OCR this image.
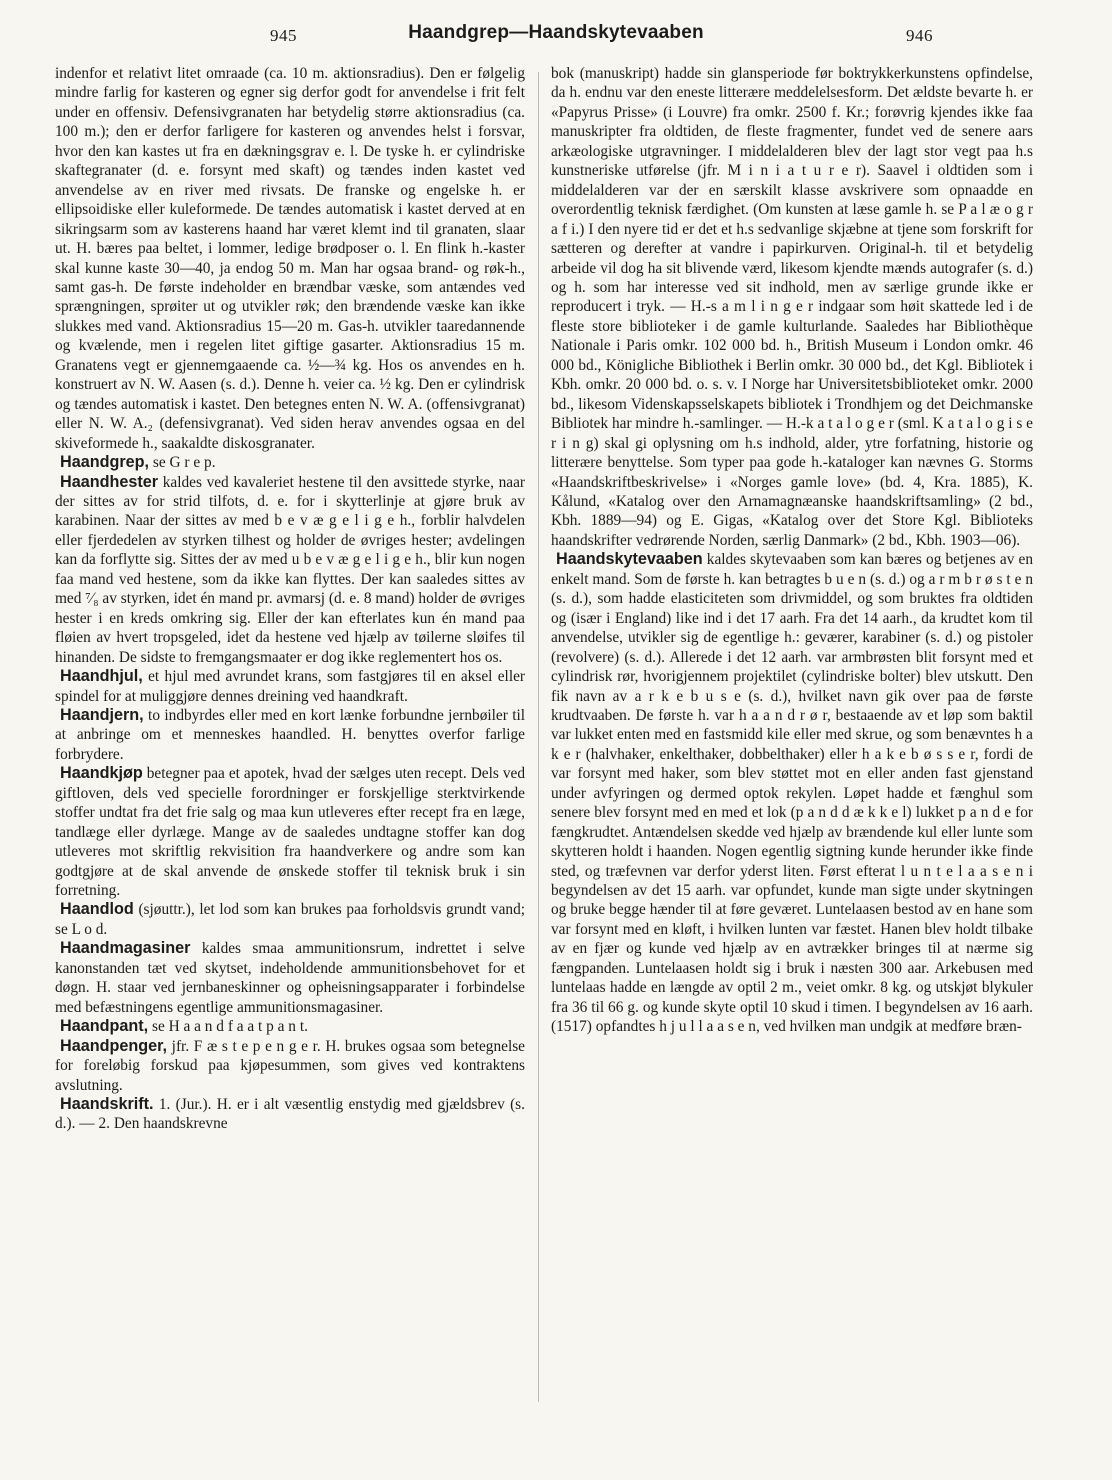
945	Haandgrep—Haandskytevaaben	946

indenfor et relativt litet omraade (ca. 10 m. aktionsradius). Den er følgelig mindre farlig for kasteren og egner sig derfor godt for anvendelse i frit felt under en offensiv. Defensivgranaten har betydelig større aktionsradius (ca. 100 m.); den er derfor farligere for kasteren og anvendes helst i forsvar, hvor den kan kastes ut fra en dækningsgrav e. l. De tyske h. er cylindriske skaftegranater (d. e. forsynt med skaft) og tændes inden kastet ved anvendelse av en river med rivsats. De franske og engelske h. er ellipsoidiske eller kuleformede. De tændes automatisk i kastet derved at en sikringsarm som av kasterens haand har været klemt ind til granaten, slaar ut. H. bæres paa beltet, i lommer, ledige brødposer o. l. En flink h.-kaster skal kunne kaste 30—40, ja endog 50 m. Man har ogsaa brand- og røk-h., samt gas-h. De første indeholder en brændbar væske, som antændes ved sprængningen, sprøiter ut og utvikler røk; den brændende væske kan ikke slukkes med vand. Aktionsradius 15—20 m. Gas-h. utvikler taaredannende og kvælende, men i regelen litet giftige gasarter. Aktionsradius 15 m. Granatens vegt er gjennemgaaende ca. ½—¾ kg. Hos os anvendes en h. konstruert av N. W. Aasen (s. d.). Denne h. veier ca. ½ kg. Den er cylindrisk og tændes automatisk i kastet. Den betegnes enten N. W. A. (offensivgranat) eller N. W. A.₂ (defensivgranat). Ved siden herav anvendes ogsaa en del skiveformede h., saakaldte diskosgranater.

Haandgrep, se G r e p.

Haandhester kaldes ved kavaleriet hestene til den avsittede styrke, naar der sittes av for strid tilfots, d. e. for i skytterlinje at gjøre bruk av karabinen. Naar der sittes av med b e v æ g e l i g e h., forblir halvdelen eller fjerdedelen av styrken tilhest og holder de øvriges hester; avdelingen kan da forflytte sig. Sittes der av med u b e v æ g e l i g e h., blir kun nogen faa mand ved hestene, som da ikke kan flyttes. Der kan saaledes sittes av med ⁷⁄₈ av styrken, idet én mand pr. avmarsj (d. e. 8 mand) holder de øvriges hester i en kreds omkring sig. Eller der kan efterlates kun én mand paa fløien av hvert tropsgeled, idet da hestene ved hjælp av tøilerne sløifes til hinanden. De sidste to fremgangsmaater er dog ikke reglementert hos os.

Haandhjul, et hjul med avrundet krans, som fastgjøres til en aksel eller spindel for at muliggjøre dennes dreining ved haandkraft.

Haandjern, to indbyrdes eller med en kort lænke forbundne jernbøiler til at anbringe om et menneskes haandled. H. benyttes overfor farlige forbrydere.

Haandkjøp betegner paa et apotek, hvad der sælges uten recept. Dels ved giftloven, dels ved specielle forordninger er forskjellige sterktvirkende stoffer undtat fra det frie salg og maa kun utleveres efter recept fra en læge, tandlæge eller dyrlæge. Mange av de saaledes undtagne stoffer kan dog utleveres mot skriftlig rekvisition fra haandverkere og andre som kan godtgjøre at de skal anvende de ønskede stoffer til teknisk bruk i sin forretning.

Haandlod (sjøuttr.), let lod som kan brukes paa forholdsvis grundt vand; se L o d.

Haandmagasiner kaldes smaa ammunitionsrum, indrettet i selve kanonstanden tæt ved skytset, indeholdende ammunitionsbehovet for et døgn. H. staar ved jernbaneskinner og opheisningsapparater i forbindelse med befæstningens egentlige ammunitionsmagasiner.

Haandpant, se H a a n d f a a t p a n t.

Haandpenger, jfr. F æ s t e p e n g e r. H. brukes ogsaa som betegnelse for foreløbig forskud paa kjøpesummen, som gives ved kontraktens avslutning.

Haandskrift. 1. (Jur.). H. er i alt væsentlig enstydig med gjældsbrev (s. d.). — 2. Den haandskrevne

bok (manuskript) hadde sin glansperiode før boktrykkerkunstens opfindelse, da h. endnu var den eneste litterære meddelelsesform. Det ældste bevarte h. er «Papyrus Prisse» (i Louvre) fra omkr. 2500 f. Kr.; forøvrig kjendes ikke faa manuskripter fra oldtiden, de fleste fragmenter, fundet ved de senere aars arkæologiske utgravninger. I middelalderen blev der lagt stor vegt paa h.s kunstneriske utførelse (jfr. M i n i a t u r e r). Saavel i oldtiden som i middelalderen var der en særskilt klasse avskrivere som opnaadde en overordentlig teknisk færdighet. (Om kunsten at læse gamle h. se P a l æ o g r a f i.) I den nyere tid er det et h.s sedvanlige skjæbne at tjene som forskrift for sætteren og derefter at vandre i papirkurven. Original-h. til et betydelig arbeide vil dog ha sit blivende værd, likesom kjendte mænds autografer (s. d.) og h. som har interesse ved sit indhold, men av særlige grunde ikke er reproducert i tryk. — H.-s a m l i n g e r indgaar som høit skattede led i de fleste store biblioteker i de gamle kulturlande. Saaledes har Bibliothèque Nationale i Paris omkr. 102 000 bd. h., British Museum i London omkr. 46 000 bd., Königliche Bibliothek i Berlin omkr. 30 000 bd., det Kgl. Bibliotek i Kbh. omkr. 20 000 bd. o. s. v. I Norge har Universitetsbiblioteket omkr. 2000 bd., likesom Videnskapsselskapets bibliotek i Trondhjem og det Deichmanske Bibliotek har mindre h.-samlinger. — H.-k a t a l o g e r (sml. K a t a l o g i s e r i n g) skal gi oplysning om h.s indhold, alder, ytre forfatning, historie og litterære benyttelse. Som typer paa gode h.-kataloger kan nævnes G. Storms «Haandskriftbeskrivelse» i «Norges gamle love» (bd. 4, Kra. 1885), K. Kålund, «Katalog over den Arnamagnæanske haandskriftsamling» (2 bd., Kbh. 1889—94) og E. Gigas, «Katalog over det Store Kgl. Biblioteks haandskrifter vedrørende Norden, særlig Danmark» (2 bd., Kbh. 1903—06).

Haandskytevaaben kaldes skytevaaben som kan bæres og betjenes av en enkelt mand. Som de første h. kan betragtes b u e n (s. d.) og a r m b r ø s t e n (s. d.), som hadde elasticiteten som drivmiddel, og som bruktes fra oldtiden og (især i England) like ind i det 17 aarh. Fra det 14 aarh., da krudtet kom til anvendelse, utvikler sig de egentlige h.: geværer, karabiner (s. d.) og pistoler (revolvere) (s. d.). Allerede i det 12 aarh. var armbrøsten blit forsynt med et cylindrisk rør, hvorigjennem projektilet (cylindriske bolter) blev utskutt. Den fik navn av a r k e b u s e (s. d.), hvilket navn gik over paa de første krudtvaaben. De første h. var h a a n d r ø r, bestaaende av et løp som baktil var lukket enten med en fastsmidd kile eller med skrue, og som benævntes h a k e r (halvhaker, enkelthaker, dobbelthaker) eller h a k e b ø s s e r, fordi de var forsynt med haker, som blev støttet mot en eller anden fast gjenstand under avfyringen og dermed optok rekylen. Løpet hadde et fænghul som senere blev forsynt med en med et lok (p a n d d æ k k e l) lukket p a n d e for fængkrudtet. Antændelsen skedde ved hjælp av brændende kul eller lunte som skytteren holdt i haanden. Nogen egentlig sigtning kunde herunder ikke finde sted, og træfevnen var derfor yderst liten. Først efterat l u n t e l a a s e n i begyndelsen av det 15 aarh. var opfundet, kunde man sigte under skytningen og bruke begge hænder til at føre geværet. Luntelaasen bestod av en hane som var forsynt med en kløft, i hvilken lunten var fæstet. Hanen blev holdt tilbake av en fjær og kunde ved hjælp av en avtrækker bringes til at nærme sig fængpanden. Luntelaasen holdt sig i bruk i næsten 300 aar. Arkebusen med luntelaas hadde en længde av optil 2 m., veiet omkr. 8 kg. og utskjøt blykuler fra 36 til 66 g. og kunde skyte optil 10 skud i timen. I begyndelsen av 16 aarh. (1517) opfandtes h j u l l a a s e n, ved hvilken man undgik at medføre bræn-
